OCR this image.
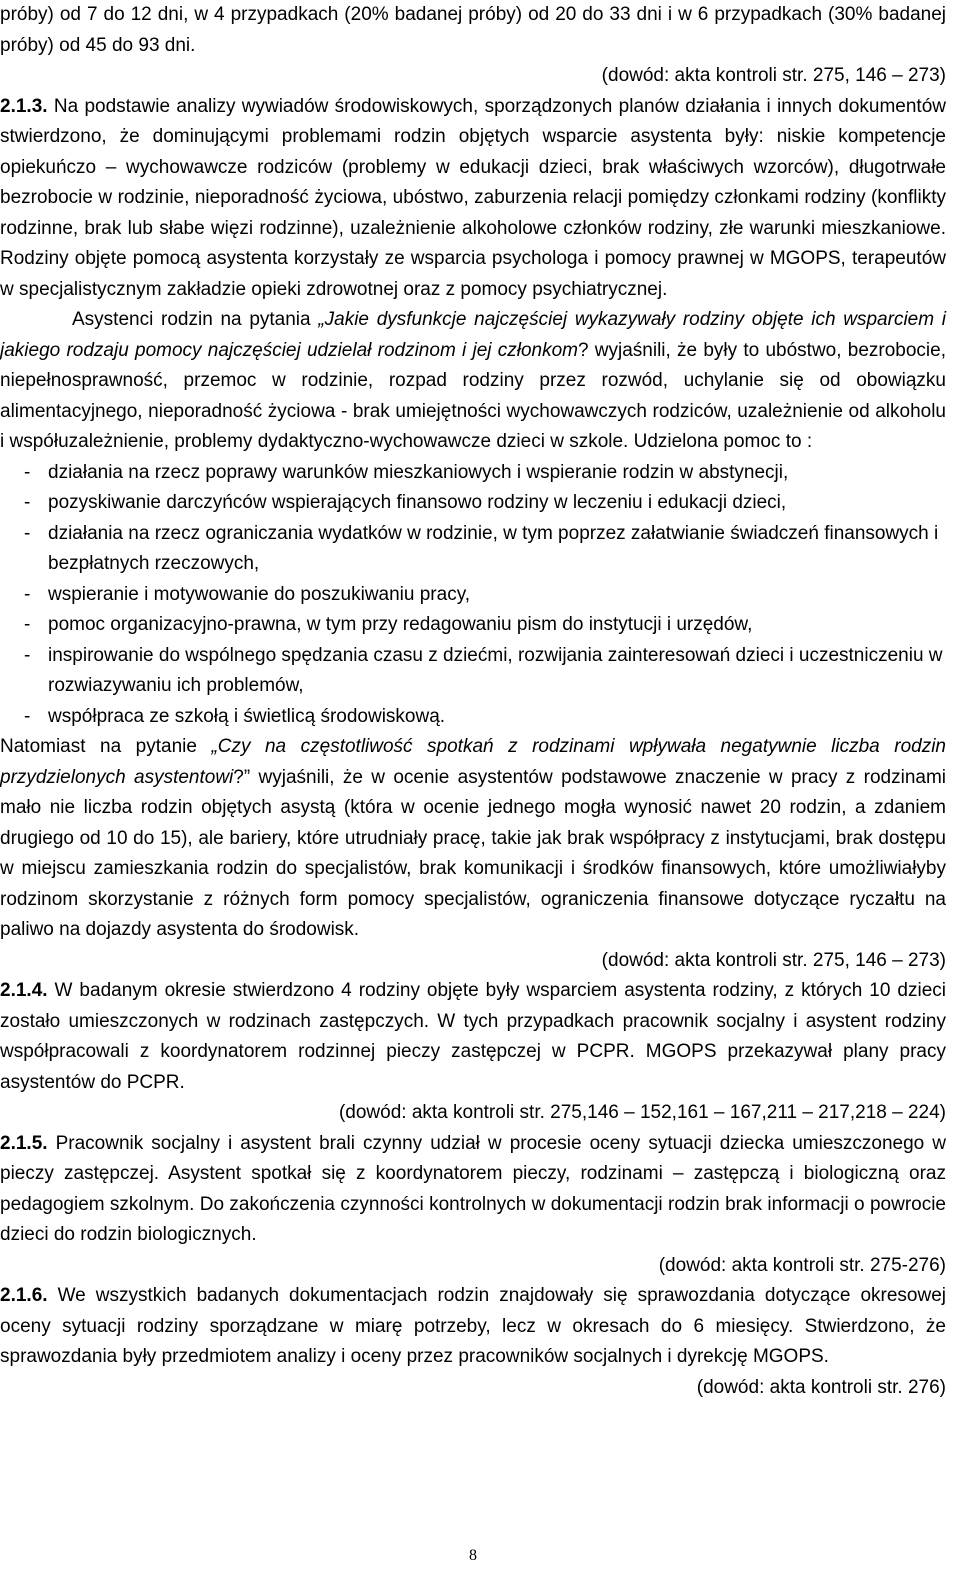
próby) od 7 do 12 dni, w 4 przypadkach (20% badanej próby) od 20 do 33 dni i w 6 przypadkach (30% badanej próby) od 45 do 93 dni.

(dowód: akta kontroli str. 275, 146 – 273)

2.1.3. Na podstawie analizy wywiadów środowiskowych, sporządzonych planów działania i innych dokumentów stwierdzono, że dominującymi problemami rodzin objętych wsparcie asystenta były: niskie kompetencje opiekuńczo – wychowawcze rodziców (problemy w edukacji dzieci, brak właściwych wzorców), długotrwałe bezrobocie w rodzinie, nieporadność życiowa, ubóstwo, zaburzenia relacji pomiędzy członkami rodziny (konflikty rodzinne, brak lub słabe więzi rodzinne), uzależnienie alkoholowe członków rodziny, złe warunki mieszkaniowe. Rodziny objęte pomocą asystenta korzystały ze wsparcia psychologa i pomocy prawnej w MGOPS, terapeutów w specjalistycznym zakładzie opieki zdrowotnej oraz z pomocy psychiatrycznej.

Asystenci rodzin na pytania „Jakie dysfunkcje najczęściej wykazywały rodziny objęte ich wsparciem i jakiego rodzaju pomocy najczęściej udzielał rodzinom i jej członkom? wyjaśnili, że były to ubóstwo, bezrobocie, niepełnosprawność, przemoc w rodzinie, rozpad rodziny przez rozwód, uchylanie się od obowiązku alimentacyjnego, nieporadność życiowa - brak umiejętności wychowawczych rodziców, uzależnienie od alkoholu i współuzależnienie, problemy dydaktyczno-wychowawcze dzieci w szkole. Udzielona pomoc to :

- działania na rzecz poprawy warunków mieszkaniowych i wspieranie rodzin w abstynecji,
- pozyskiwanie darczyńców wspierających finansowo rodziny w leczeniu i edukacji dzieci,
- działania na rzecz ograniczania wydatków w rodzinie, w tym poprzez załatwianie świadczeń finansowych i bezpłatnych rzeczowych,
- wspieranie i motywowanie do poszukiwaniu pracy,
- pomoc organizacyjno-prawna, w tym przy redagowaniu pism do instytucji i urzędów,
- inspirowanie do wspólnego spędzania czasu z dziećmi, rozwijania zainteresowań dzieci i uczestniczeniu w rozwiazywaniu ich problemów,
- współpraca ze szkołą i świetlicą środowiskową.

Natomiast na pytanie „Czy na częstotliwość spotkań z rodzinami wpływała negatywnie liczba rodzin przydzielonych asystentowi?” wyjaśnili, że w ocenie asystentów podstawowe znaczenie w pracy z rodzinami mało nie liczba rodzin objętych asystą (która w ocenie jednego mogła wynosić nawet 20 rodzin, a zdaniem drugiego od 10 do 15), ale bariery, które utrudniały pracę, takie jak brak współpracy z instytucjami, brak dostępu w miejscu zamieszkania rodzin do specjalistów, brak komunikacji i środków finansowych, które umożliwiałyby rodzinom skorzystanie z różnych form pomocy specjalistów, ograniczenia finansowe dotyczące ryczałtu na paliwo na dojazdy asystenta do środowisk.

(dowód: akta kontroli str. 275, 146 – 273)

2.1.4. W badanym okresie stwierdzono 4 rodziny objęte były wsparciem asystenta rodziny, z których 10 dzieci zostało umieszczonych w rodzinach zastępczych. W tych przypadkach pracownik socjalny i asystent rodziny współpracowali z koordynatorem rodzinnej pieczy zastępczej w PCPR. MGOPS przekazywał plany pracy asystentów do PCPR.

(dowód: akta kontroli str. 275,146 – 152,161 – 167,211 – 217,218 – 224)

2.1.5. Pracownik socjalny i asystent brali czynny udział w procesie oceny sytuacji dziecka umieszczonego w pieczy zastępczej. Asystent spotkał się z koordynatorem pieczy, rodzinami – zastępczą i biologiczną oraz pedagogiem szkolnym. Do zakończenia czynności kontrolnych w dokumentacji rodzin brak informacji o powrocie dzieci do rodzin biologicznych.

(dowód: akta kontroli str. 275-276)

2.1.6. We wszystkich badanych dokumentacjach rodzin znajdowały się sprawozdania dotyczące okresowej oceny sytuacji rodziny sporządzane w miarę potrzeby, lecz w okresach do 6 miesięcy. Stwierdzono, że sprawozdania były przedmiotem analizy i oceny przez pracowników socjalnych i dyrekcję MGOPS.

(dowód: akta kontroli str. 276)

8
